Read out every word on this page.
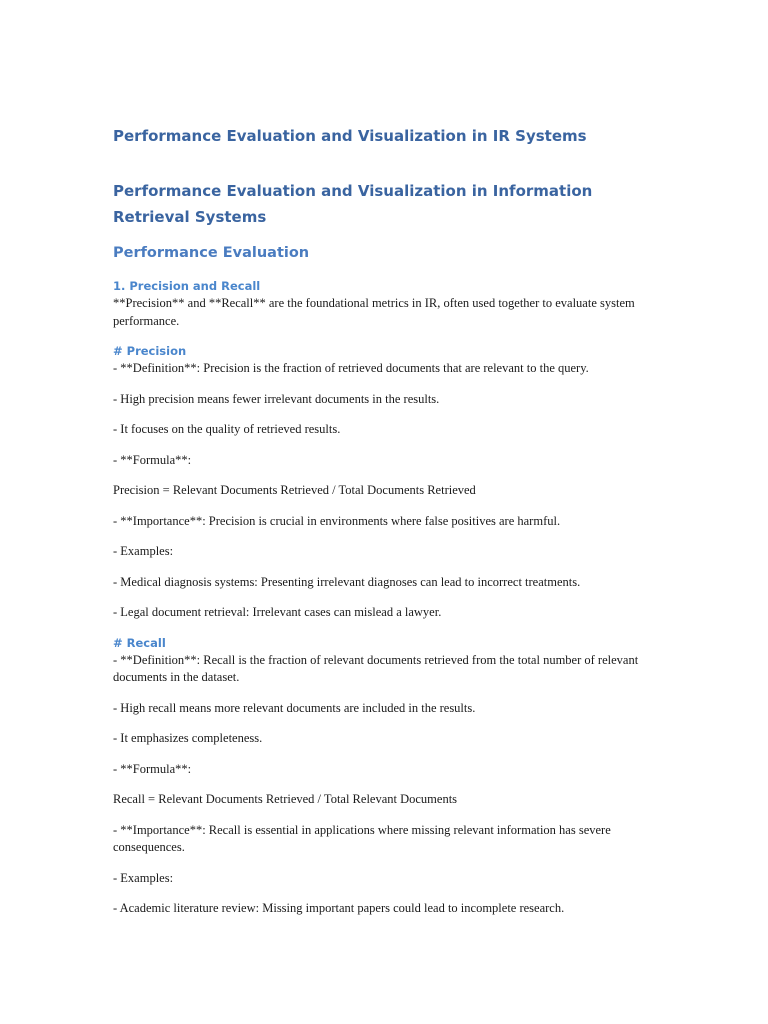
Performance Evaluation and Visualization in IR Systems
Performance Evaluation and Visualization in Information Retrieval Systems
Performance Evaluation
1. Precision and Recall

**Precision** and **Recall** are the foundational metrics in IR, often used together to evaluate system performance.

# Precision

- **Definition**: Precision is the fraction of retrieved documents that are relevant to the query.

- High precision means fewer irrelevant documents in the results.

- It focuses on the quality of retrieved results.

- **Formula**:

Precision = Relevant Documents Retrieved / Total Documents Retrieved

- **Importance**: Precision is crucial in environments where false positives are harmful.

- Examples:

- Medical diagnosis systems: Presenting irrelevant diagnoses can lead to incorrect treatments.

- Legal document retrieval: Irrelevant cases can mislead a lawyer.

# Recall

- **Definition**: Recall is the fraction of relevant documents retrieved from the total number of relevant documents in the dataset.

- High recall means more relevant documents are included in the results.

- It emphasizes completeness.

- **Formula**:

Recall = Relevant Documents Retrieved / Total Relevant Documents

- **Importance**: Recall is essential in applications where missing relevant information has severe consequences.

- Examples:

- Academic literature review: Missing important papers could lead to incomplete research.
